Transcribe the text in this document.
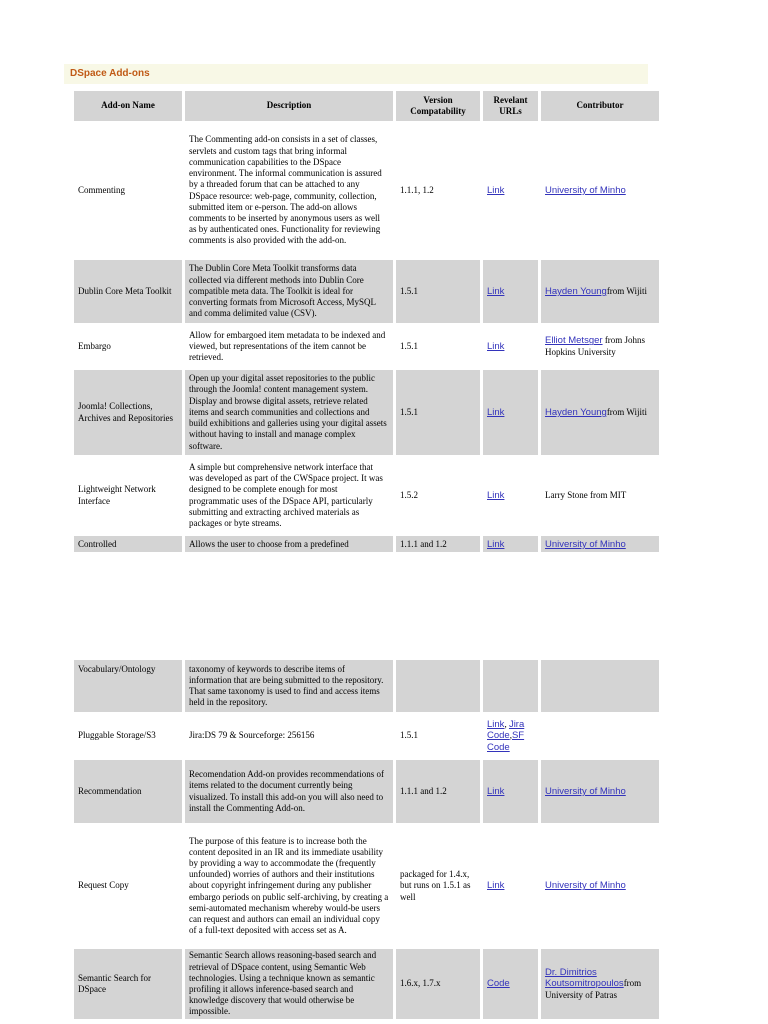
DSpace Add-ons
Add-on Name	Description	Version Compatability	Revelant URLs	Contributor
Commenting	The Commenting add-on consists in a set of classes, servlets and custom tags that bring informal communication capabilities to the DSpace environment. The informal communication is assured by a threaded forum that can be attached to any DSpace resource: web-page, community, collection, submitted item or e-person. The add-on allows comments to be inserted by anonymous users as well as by authenticated ones. Functionality for reviewing comments is also provided with the add-on.	1.1.1, 1.2	Link	University of Minho
Dublin Core Meta Toolkit	The Dublin Core Meta Toolkit transforms data collected via different methods into Dublin Core compatible meta data. The Toolkit is ideal for converting formats from Microsoft Access, MySQL and comma delimited value (CSV).	1.5.1	Link	Hayden Youngfrom Wijiti
Embargo	Allow for embargoed item metadata to be indexed and viewed, but representations of the item cannot be retrieved.	1.5.1	Link	Elliot Metsger from Johns Hopkins University
Joomla! Collections, Archives and Repositories	Open up your digital asset repositories to the public through the Joomla! content management system. Display and browse digital assets, retrieve related items and search communities and collections and build exhibitions and galleries using your digital assets without having to install and manage complex software.	1.5.1	Link	Hayden Youngfrom Wijiti
Lightweight Network Interface	A simple but comprehensive network interface that was developed as part of the CWSpace project. It was designed to be complete enough for most programmatic uses of the DSpace API, particularly submitting and extracting archived materials as packages or byte streams.	1.5.2	Link	Larry Stone from MIT
Controlled	Allows the user to choose from a predefined	1.1.1 and 1.2	Link	University of Minho
Vocabulary/Ontology	taxonomy of keywords to describe items of information that are being submitted to the repository. That same taxonomy is used to find and access items held in the repository.			
Pluggable Storage/S3	Jira:DS 79 & Sourceforge: 256156	1.5.1	Link, Jira Code,SF Code	
Recommendation	Recomendation Add-on provides recommendations of items related to the document currently being visualized. To install this add-on you will also need to install the Commenting Add-on.	1.1.1 and 1.2	Link	University of Minho
Request Copy	The purpose of this feature is to increase both the content deposited in an IR and its immediate usability by providing a way to accommodate the (frequently unfounded) worries of authors and their institutions about copyright infringement during any publisher embargo periods on public self-archiving, by creating a semi-automated mechanism whereby would-be users can request and authors can email an individual copy of a full-text deposited with access set as A.	packaged for 1.4.x, but runs on 1.5.1 as well	Link	University of Minho
Semantic Search for DSpace	Semantic Search allows reasoning-based search and retrieval of DSpace content, using Semantic Web technologies. Using a technique known as semantic profiling it allows inference-based search and knowledge discovery that would otherwise be impossible.	1.6.x, 1.7.x	Code	Dr. Dimitrios Koutsomitropoulosfrom University of Patras
